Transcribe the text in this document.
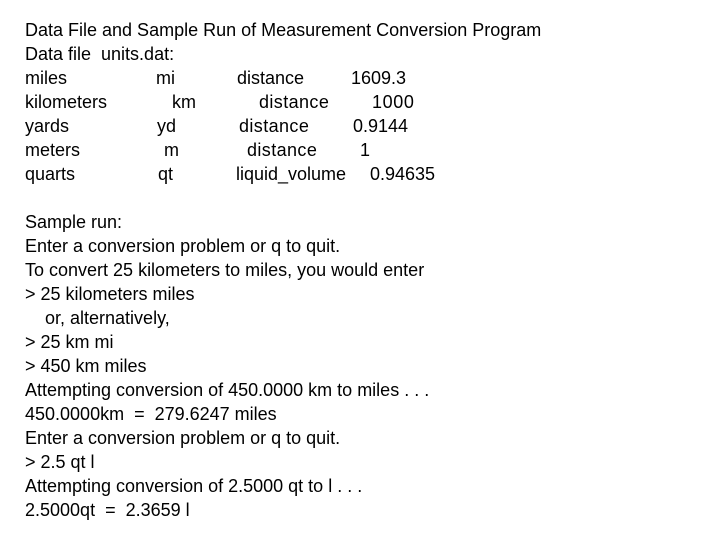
Data File and Sample Run of Measurement Conversion Program
Data file  units.dat:
miles	mi	distance	1609.3
kilometers	km	distance 1000
yards	yd	distance 0.9144
meters	m	distance 1
quarts	qt	liquid_volume 0.94635
Sample run:
Enter a conversion problem or q to quit.
To convert 25 kilometers to miles, you would enter
> 25 kilometers miles
or, alternatively,
> 25 km mi
> 450 km miles
Attempting conversion of 450.0000 km to miles . . .
450.0000km  =  279.6247 miles
Enter a conversion problem or q to quit.
> 2.5 qt l
Attempting conversion of 2.5000 qt to l . . .
2.5000qt  =  2.3659 l
